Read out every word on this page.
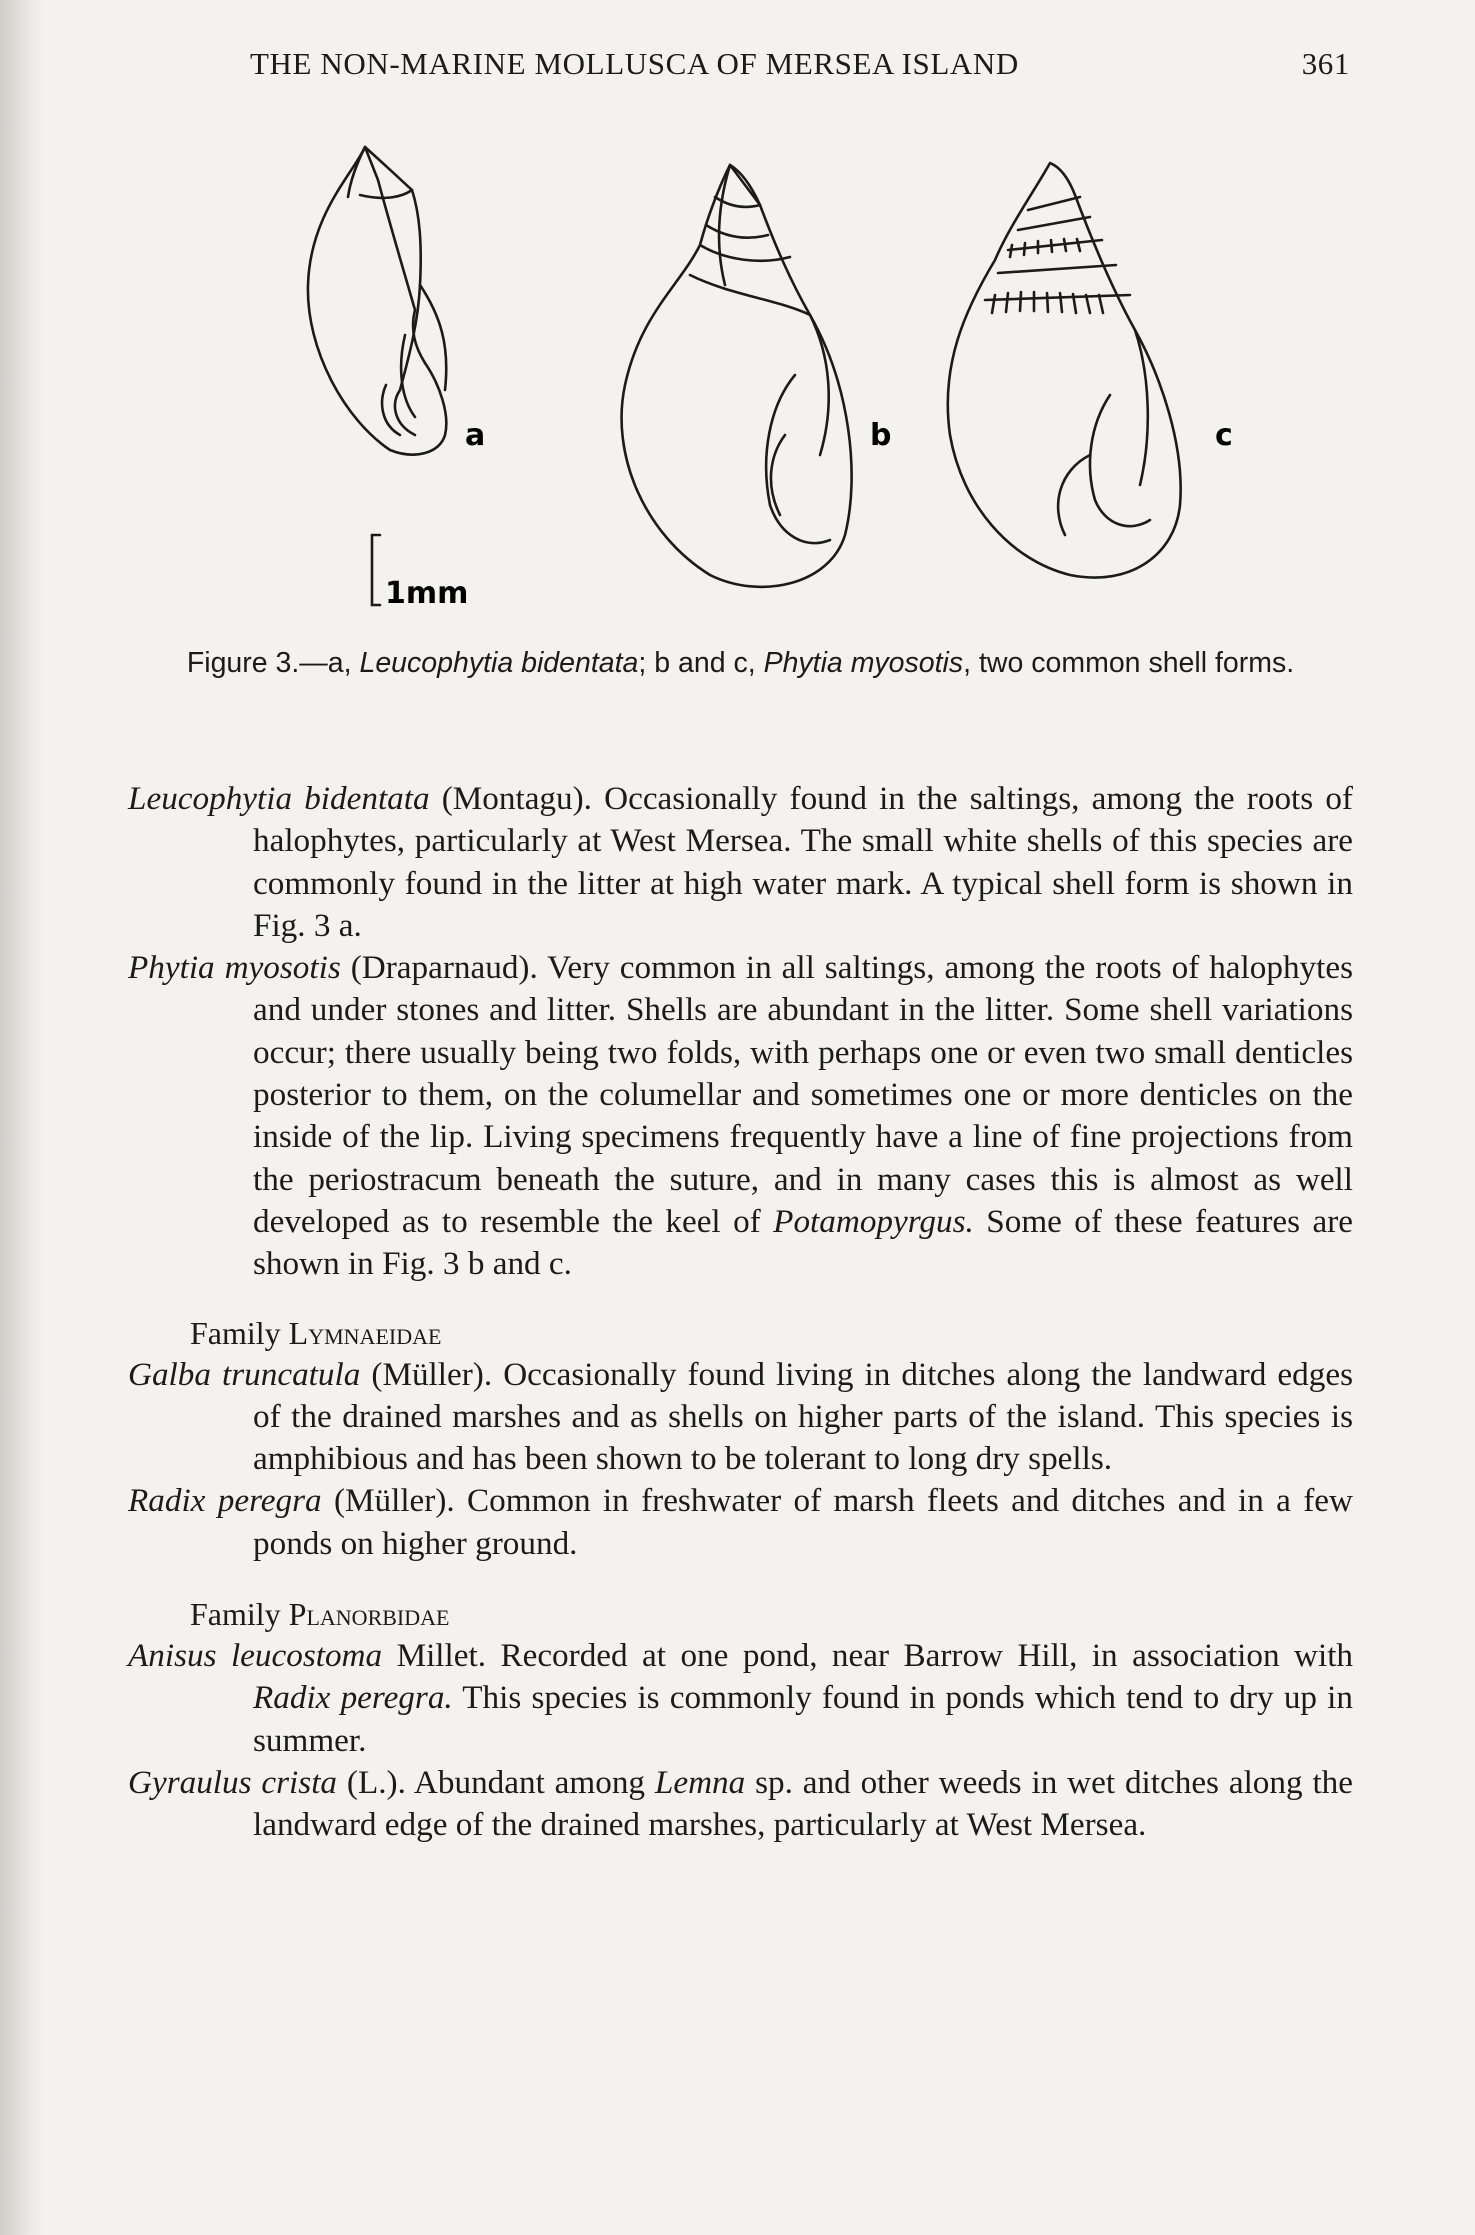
THE NON-MARINE MOLLUSCA OF MERSEA ISLAND	361
a
1mm
b	c
Figure 3.—a, Leucophytia bidentata; b and c, Phytia myosotis, two common shell forms.

Leucophytia bidentata (Montagu). Occasionally found in the saltings, among the roots of halophytes, particularly at West Mersea. The small white shells of this species are commonly found in the litter at high water mark. A typical shell form is shown in Fig. 3 a.

Phytia myosotis (Draparnaud). Very common in all saltings, among the roots of halophytes and under stones and litter. Shells are abundant in the litter. Some shell variations occur; there usually being two folds, with perhaps one or even two small denticles posterior to them, on the columellar and sometimes one or more denticles on the inside of the lip. Living specimens frequently have a line of fine projections from the periostracum beneath the suture, and in many cases this is almost as well developed as to resemble the keel of Potamopyrgus. Some of these features are shown in Fig. 3 b and c.

Family Lymnaeidae

Galba truncatula (Müller). Occasionally found living in ditches along the landward edges of the drained marshes and as shells on higher parts of the island. This species is amphibious and has been shown to be tolerant to long dry spells.

Radix peregra (Müller). Common in freshwater of marsh fleets and ditches and in a few ponds on higher ground.

Family Planorbidae

Anisus leucostoma Millet. Recorded at one pond, near Barrow Hill, in association with Radix peregra. This species is commonly found in ponds which tend to dry up in summer.

Gyraulus crista (L.). Abundant among Lemna sp. and other weeds in wet ditches along the landward edge of the drained marshes, particularly at West Mersea.
